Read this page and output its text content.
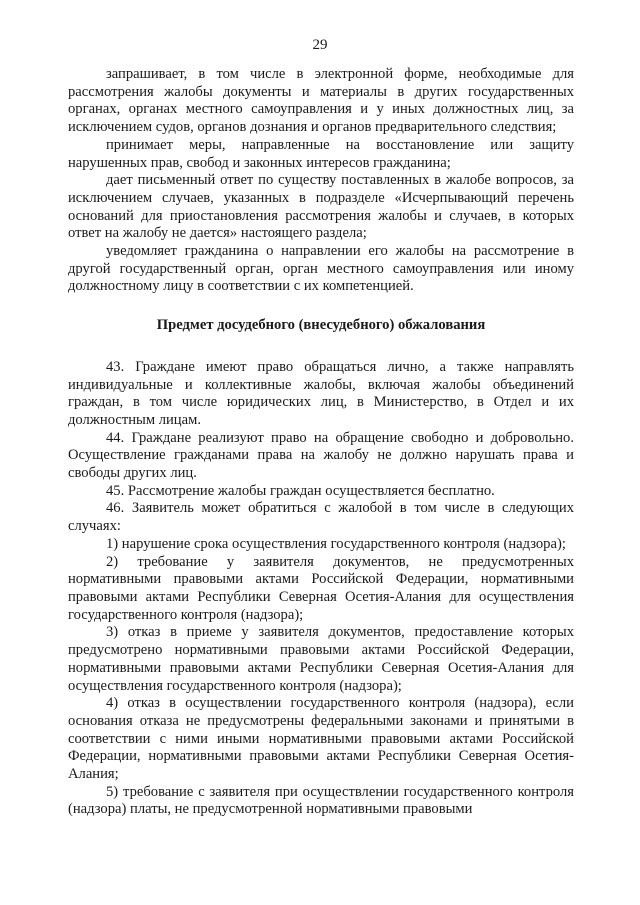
29

запрашивает, в том числе в электронной форме, необходимые для рассмотрения жалобы документы и материалы в других государственных органах, органах местного самоуправления и у иных должностных лиц, за исключением судов, органов дознания и органов предварительного следствия;

принимает меры, направленные на восстановление или защиту нарушенных прав, свобод и законных интересов гражданина;

дает письменный ответ по существу поставленных в жалобе вопросов, за исключением случаев, указанных в подразделе «Исчерпывающий перечень оснований для приостановления рассмотрения жалобы и случаев, в которых ответ на жалобу не дается» настоящего раздела;

уведомляет гражданина о направлении его жалобы на рассмотрение в другой государственный орган, орган местного самоуправления или иному должностному лицу в соответствии с их компетенцией.

Предмет досудебного (внесудебного) обжалования

43. Граждане имеют право обращаться лично, а также направлять индивидуальные и коллективные жалобы, включая жалобы объединений граждан, в том числе юридических лиц, в Министерство, в Отдел и их должностным лицам.

44. Граждане реализуют право на обращение свободно и добровольно. Осуществление гражданами права на жалобу не должно нарушать права и свободы других лиц.

45. Рассмотрение жалобы граждан осуществляется бесплатно.

46. Заявитель может обратиться с жалобой в том числе в следующих случаях:

1) нарушение срока осуществления государственного контроля (надзора);

2) требование у заявителя документов, не предусмотренных нормативными правовыми актами Российской Федерации, нормативными правовыми актами Республики Северная Осетия-Алания для осуществления государственного контроля (надзора);

3) отказ в приеме у заявителя документов, предоставление которых предусмотрено нормативными правовыми актами Российской Федерации, нормативными правовыми актами Республики Северная Осетия-Алания для осуществления государственного контроля (надзора);

4) отказ в осуществлении государственного контроля (надзора), если основания отказа не предусмотрены федеральными законами и принятыми в соответствии с ними иными нормативными правовыми актами Российской Федерации, нормативными правовыми актами Республики Северная Осетия-Алания;

5) требование с заявителя при осуществлении государственного контроля (надзора) платы, не предусмотренной нормативными правовыми
